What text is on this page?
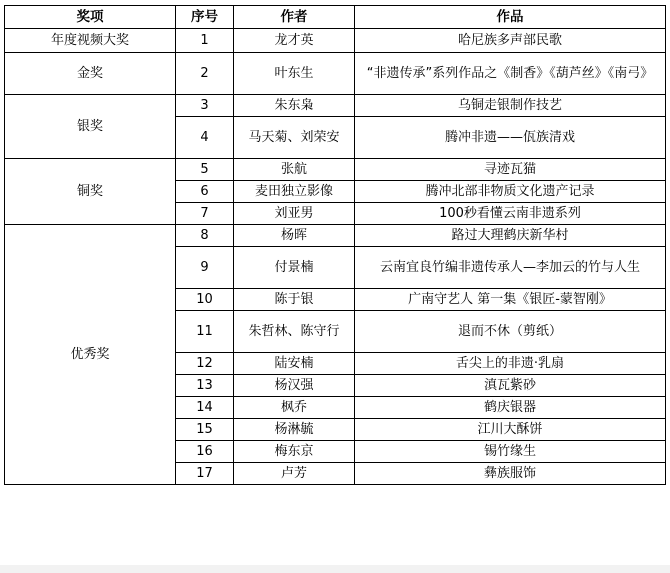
奖项	序号	作者	作品
年度视频大奖	1	龙才英	哈尼族多声部民歌
金奖	2	叶东生	“非遗传承”系列作品之《制香》《葫芦丝》《南弓》
银奖	3	朱东枭	乌铜走银制作技艺
	4	马天菊、刘荣安	腾冲非遗——佤族清戏
铜奖	5	张航	寻迹瓦猫
	6	麦田独立影像	腾冲北部非物质文化遗产记录
	7	刘亚男	100秒看懂云南非遗系列
优秀奖	8	杨晖	路过大理鹤庆新华村
	9	付景楠	云南宜良竹编非遗传承人—李加云的竹与人生
	10	陈于银	广南守艺人 第一集《银匠-蒙智刚》
	11	朱哲林、陈守行	退而不休（剪纸）
	12	陆安楠	舌尖上的非遗·乳扇
	13	杨汉强	滇瓦紫砂
	14	枫乔	鹤庆银器
	15	杨淋毓	江川大酥饼
	16	梅东京	锡竹缘生
	17	卢芳	彝族服饰
